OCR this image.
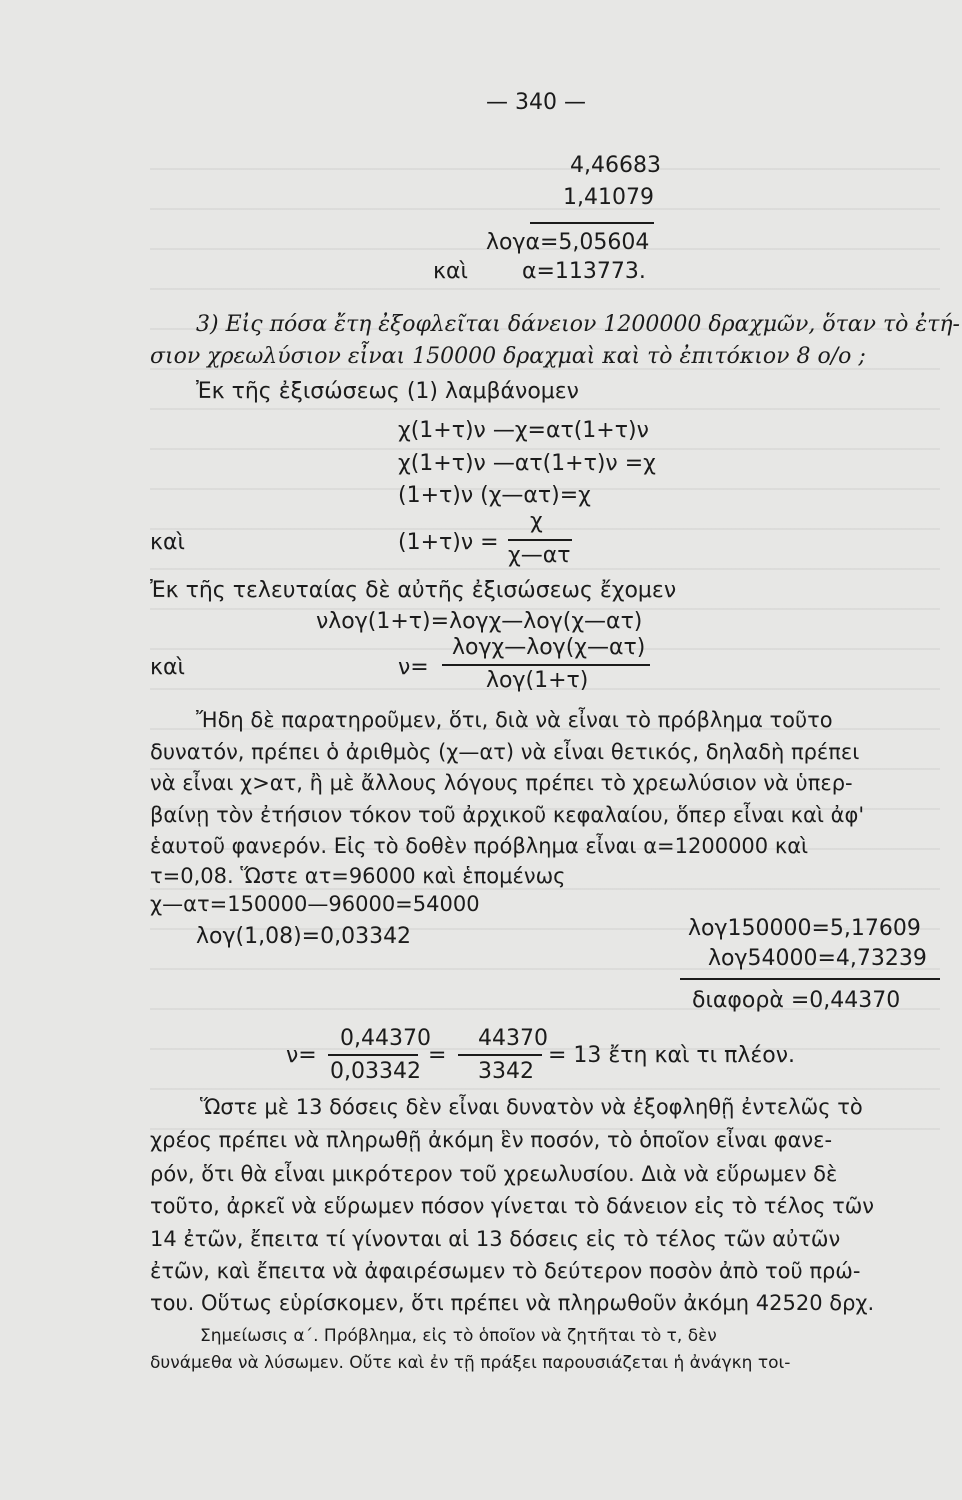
— 340 —
4,46683
1,41079
λογα=5,05604
καὶ α=113773.
3) Εἰς πόσα ἔτη ἐξοφλεῖται δάνειον 1200000 δραχμῶν, ὅταν τὸ ἐτή-
σιον χρεωλύσιον εἶναι 150000 δραχμαὶ καὶ τὸ ἐπιτόκιον 8 o/o ;
Ἐκ τῆς ἐξισώσεως (1) λαμβάνομεν
χ(1+τ)ν —χ=ατ(1+τ)ν
χ(1+τ)ν —ατ(1+τ)ν =χ
(1+τ)ν (χ—ατ)=χ
καὶ	(1+τ)ν =
χ
χ—ατ
Ἐκ τῆς τελευταίας δὲ αὐτῆς ἐξισώσεως ἔχομεν
νλογ(1+τ)=λογχ—λογ(χ—ατ)
καὶ	ν=
λογχ—λογ(χ—ατ)
λογ(1+τ)
Ἤδη δὲ παρατηροῦμεν, ὅτι, διὰ νὰ εἶναι τὸ πρόβλημα τοῦτο
δυνατόν, πρέπει ὁ ἀριθμὸς (χ—ατ) νὰ εἶναι θετικός, δηλαδὴ πρέπει
νὰ εἶναι χ>ατ, ἢ μὲ ἄλλους λόγους πρέπει τὸ χρεωλύσιον νὰ ὑπερ-
βαίνῃ τὸν ἐτήσιον τόκον τοῦ ἀρχικοῦ κεφαλαίου, ὅπερ εἶναι καὶ ἀφ'
ἑαυτοῦ φανερόν. Εἰς τὸ δοθὲν πρόβλημα εἶναι α=1200000 καὶ
τ=0,08. Ὥστε ατ=96000 καὶ ἑπομένως
χ—ατ=150000—96000=54000
λογ(1,08)=0,03342	λογ150000=5,17609
λογ54000=4,73239
διαφορὰ =0,44370
ν=
0,44370
0,03342
=
44370
3342
= 13 ἔτη καὶ τι πλέον.
Ὥστε μὲ 13 δόσεις δὲν εἶναι δυνατὸν νὰ ἐξοφληθῇ ἐντελῶς τὸ
χρέος πρέπει νὰ πληρωθῇ ἀκόμη ἓν ποσόν, τὸ ὁποῖον εἶναι φανε-
ρόν, ὅτι θὰ εἶναι μικρότερον τοῦ χρεωλυσίου. Διὰ νὰ εὕρωμεν δὲ
τοῦτο, ἀρκεῖ νὰ εὕρωμεν πόσον γίνεται τὸ δάνειον εἰς τὸ τέλος τῶν
14 ἐτῶν, ἔπειτα τί γίνονται αἱ 13 δόσεις εἰς τὸ τέλος τῶν αὐτῶν
ἐτῶν, καὶ ἔπειτα νὰ ἀφαιρέσωμεν τὸ δεύτερον ποσὸν ἀπὸ τοῦ πρώ-
του. Οὕτως εὑρίσκομεν, ὅτι πρέπει νὰ πληρωθοῦν ἀκόμη 42520 δρχ.
Σημείωσις α΄. Πρόβλημα, εἰς τὸ ὁποῖον νὰ ζητῆται τὸ τ, δὲν
δυνάμεθα νὰ λύσωμεν. Οὔτε καὶ ἐν τῇ πράξει παρουσιάζεται ἡ ἀνάγκη τοι-
